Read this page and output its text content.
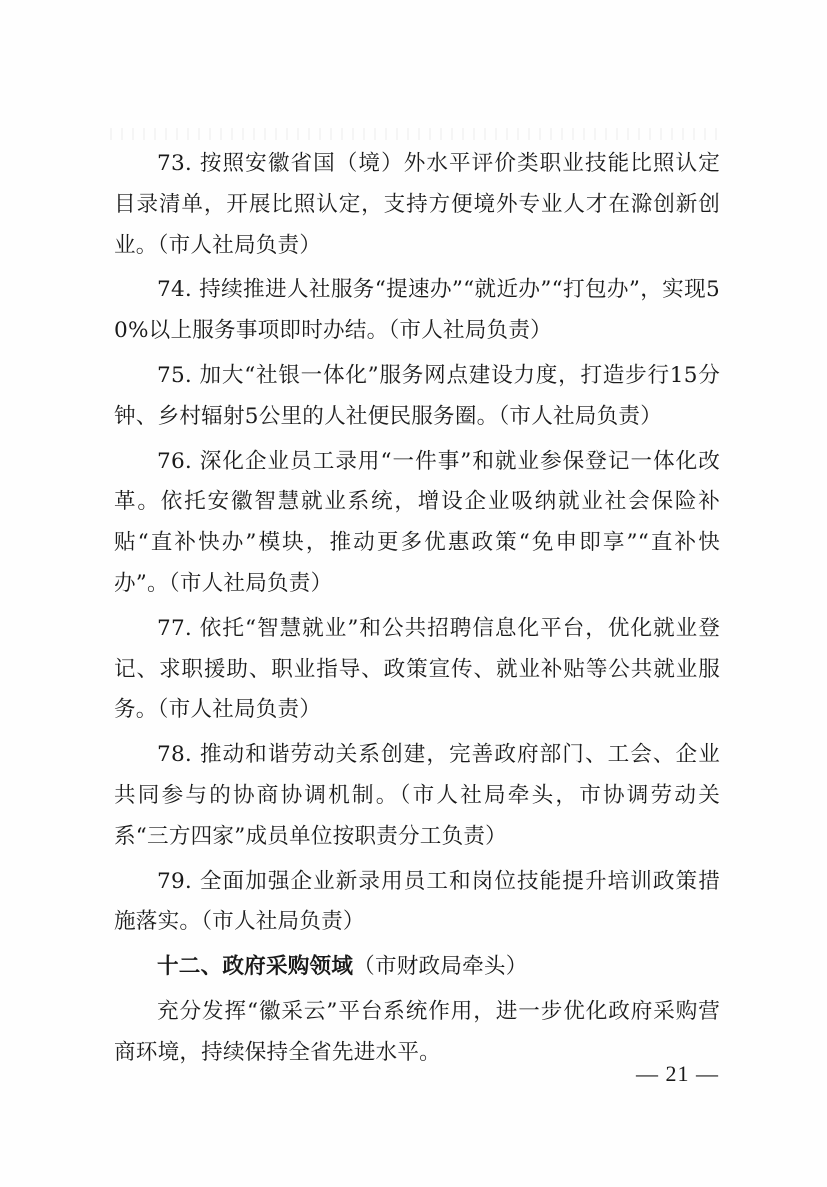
73. 按照安徽省国（境）外水平评价类职业技能比照认定目录清单，开展比照认定，支持方便境外专业人才在滁创新创业。（市人社局负责）

74. 持续推进人社服务“提速办”“就近办”“打包办”，实现50%以上服务事项即时办结。（市人社局负责）

75. 加大“社银一体化”服务网点建设力度，打造步行15分钟、乡村辐射5公里的人社便民服务圈。（市人社局负责）

76. 深化企业员工录用“一件事”和就业参保登记一体化改革。依托安徽智慧就业系统，增设企业吸纳就业社会保险补贴“直补快办”模块，推动更多优惠政策“免申即享”“直补快办”。（市人社局负责）

77. 依托“智慧就业”和公共招聘信息化平台，优化就业登记、求职援助、职业指导、政策宣传、就业补贴等公共就业服务。（市人社局负责）

78. 推动和谐劳动关系创建，完善政府部门、工会、企业共同参与的协商协调机制。（市人社局牵头，市协调劳动关系“三方四家”成员单位按职责分工负责）

79. 全面加强企业新录用员工和岗位技能提升培训政策措施落实。（市人社局负责）

十二、政府采购领域（市财政局牵头）

充分发挥“徽采云”平台系统作用，进一步优化政府采购营商环境，持续保持全省先进水平。

— 21 —
